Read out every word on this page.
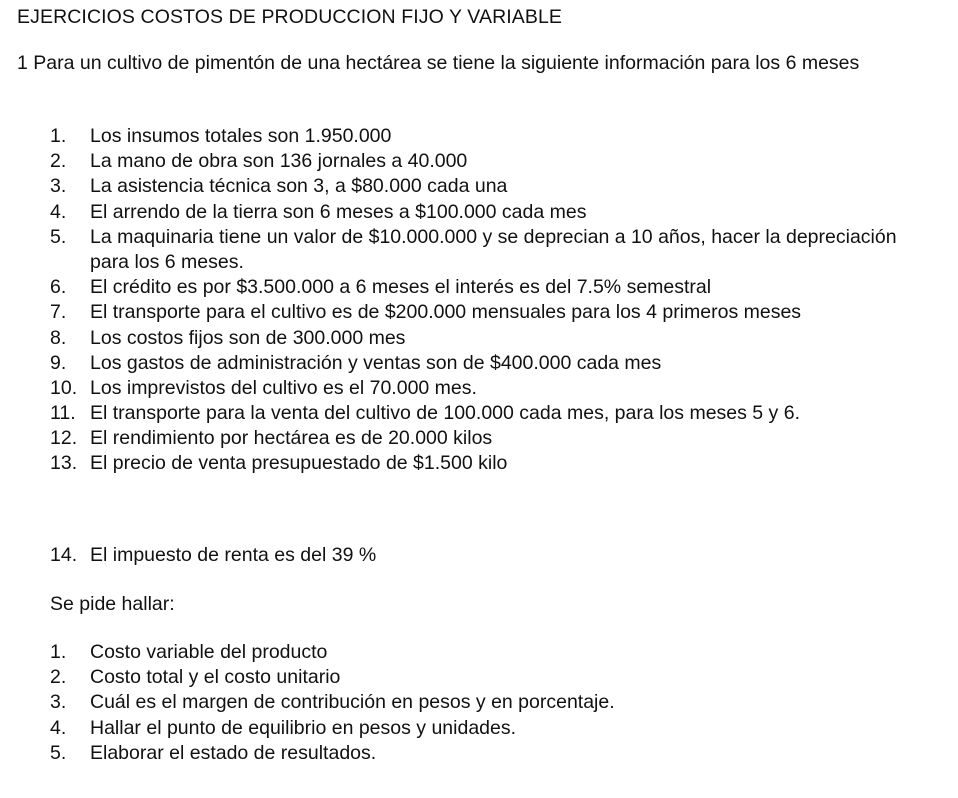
EJERCICIOS COSTOS DE PRODUCCION FIJO Y VARIABLE
1 Para un cultivo de pimentón de una hectárea se tiene la siguiente información para los 6 meses
1.	Los insumos totales son 1.950.000
2.	La mano de obra son 136 jornales a 40.000
3.	La asistencia técnica son 3, a $80.000 cada una
4.	El arrendo de la tierra son 6 meses a $100.000 cada mes
5.	La maquinaria tiene un valor de $10.000.000 y se deprecian a 10 años, hacer la depreciación para los 6 meses.
6.	El crédito es por $3.500.000 a 6 meses el interés es del 7.5% semestral
7.	El transporte para el cultivo es de $200.000 mensuales para los 4 primeros meses
8.	Los costos fijos son de 300.000 mes
9.	Los gastos de administración y ventas son de $400.000 cada mes
10. Los imprevistos del cultivo es el 70.000 mes.
11. El transporte para la venta del cultivo de 100.000 cada mes, para los meses 5 y 6.
12. El rendimiento por hectárea es de 20.000 kilos
13. El precio de venta presupuestado de $1.500 kilo
14. El impuesto de renta es del 39 %
Se pide hallar:
1.	Costo variable del producto
2.	Costo total y el costo unitario
3.	Cuál es el margen de contribución en pesos y en porcentaje.
4.	Hallar el punto de equilibrio en pesos y unidades.
5.	Elaborar el estado de resultados.
